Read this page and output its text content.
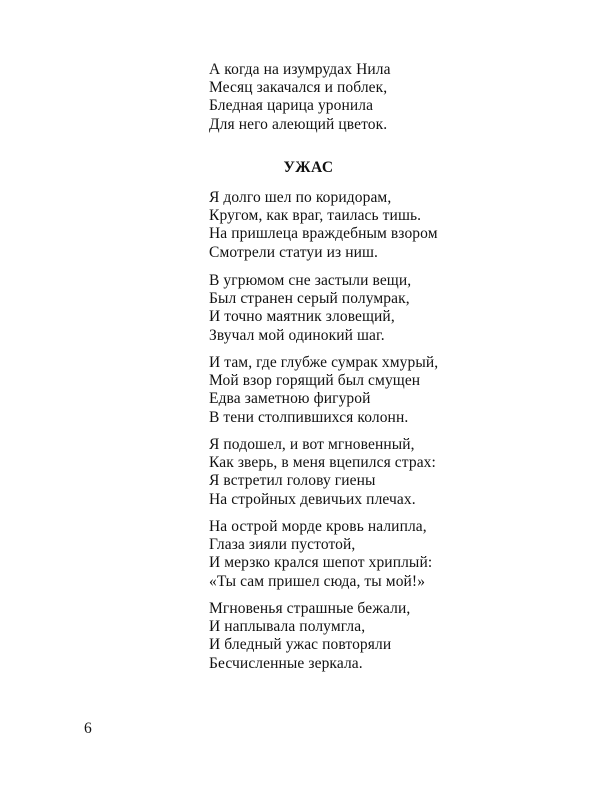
А когда на изумрудах Нила
Месяц закачался и поблек,
Бледная царица уронила
Для него алеющий цветок.
УЖАС
Я долго шел по коридорам,
Кругом, как враг, таилась тишь.
На пришлеца враждебным взором
Смотрели статуи из ниш.
В угрюмом сне застыли вещи,
Был странен серый полумрак,
И точно маятник зловещий,
Звучал мой одинокий шаг.
И там, где глубже сумрак хмурый,
Мой взор горящий был смущен
Едва заметною фигурой
В тени столпившихся колонн.
Я подошел, и вот мгновенный,
Как зверь, в меня вцепился страх:
Я встретил голову гиены
На стройных девичьих плечах.
На острой морде кровь налипла,
Глаза зияли пустотой,
И мерзко крался шепот хриплый:
«Ты сам пришел сюда, ты мой!»
Мгновенья страшные бежали,
И наплывала полумгла,
И бледный ужас повторяли
Бесчисленные зеркала.
6
